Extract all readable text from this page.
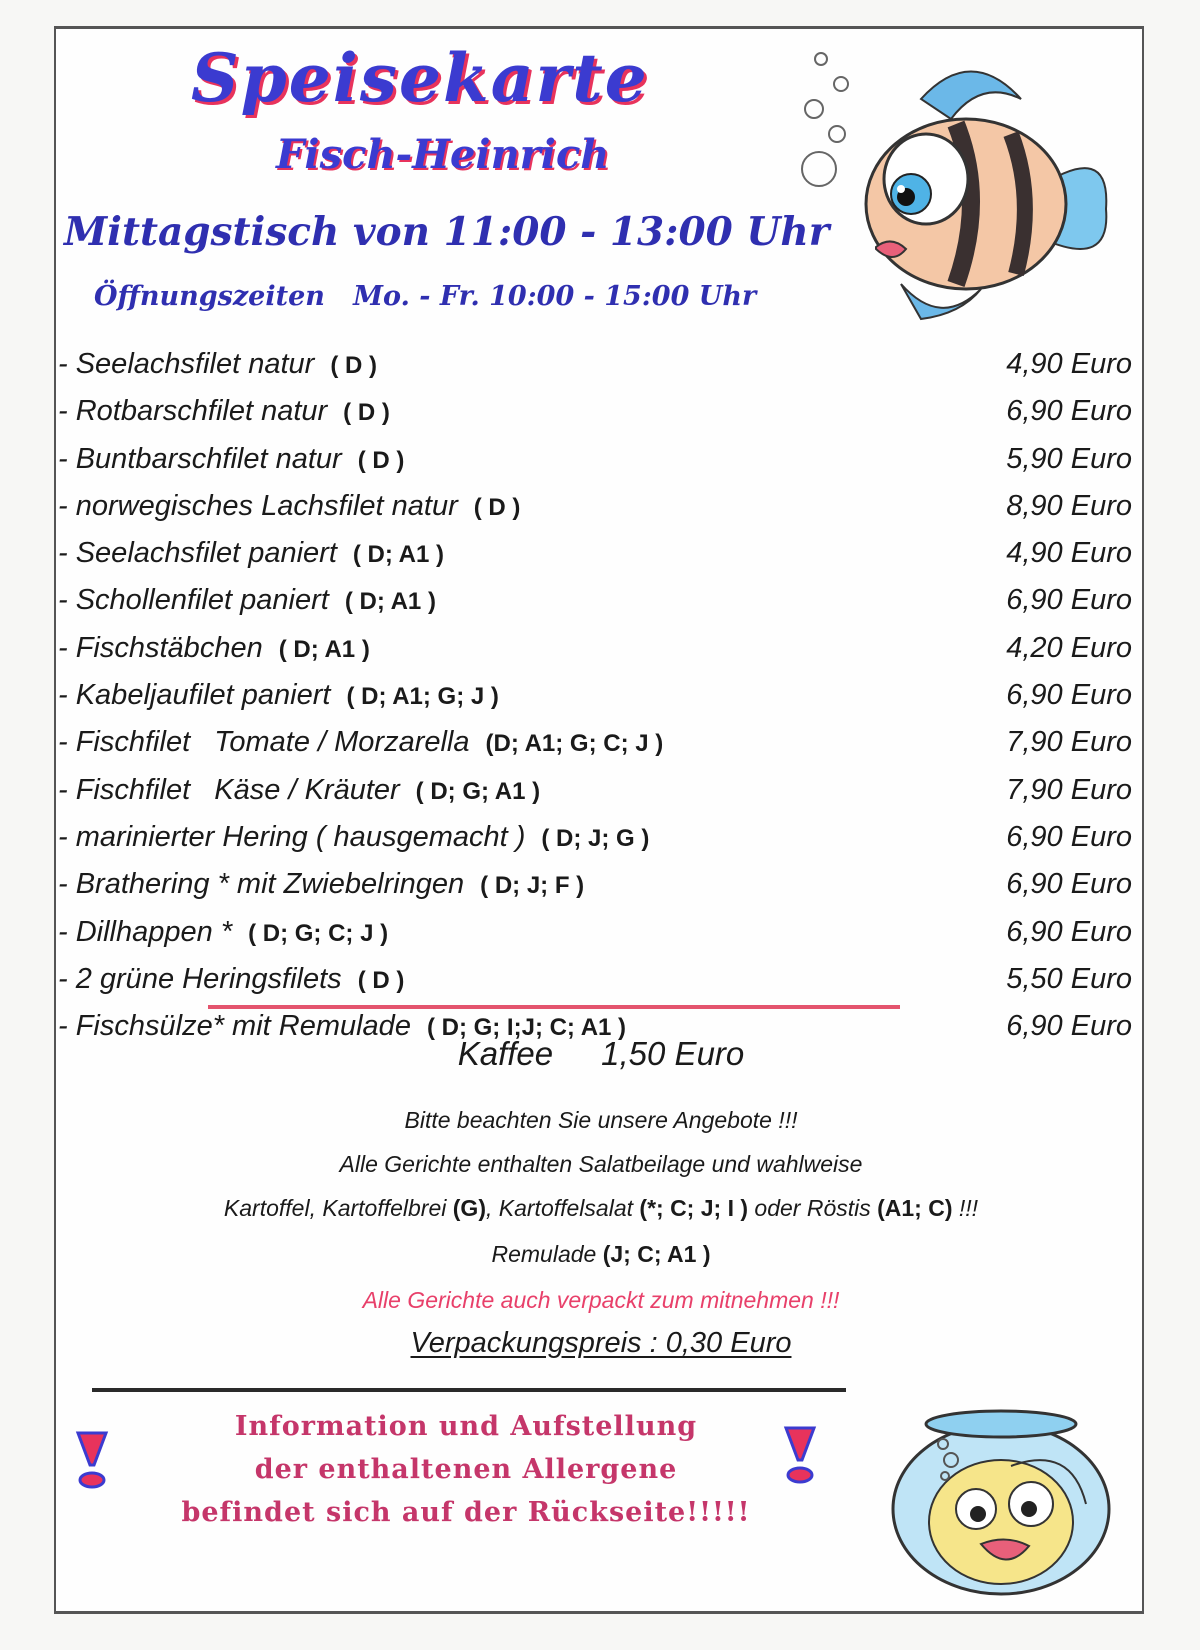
Speisekarte
Fisch-Heinrich

Mittagstisch von 11:00 - 13:00 Uhr

Öffnungszeiten   Mo. - Fr. 10:00 - 15:00 Uhr

- Seelachsfilet natur ( D )	4,90 Euro
- Rotbarschfilet natur ( D )	6,90 Euro
- Buntbarschfilet natur ( D )	5,90 Euro
- norwegisches Lachsfilet natur ( D )	8,90 Euro
- Seelachsfilet paniert ( D; A1 )	4,90 Euro
- Schollenfilet paniert ( D; A1 )	6,90 Euro
- Fischstäbchen ( D; A1 )	4,20 Euro
- Kabeljaufilet paniert ( D; A1; G; J )	6,90 Euro
- Fischfilet   Tomate / Morzarella (D; A1; G; C; J )	7,90 Euro
- Fischfilet   Käse / Kräuter ( D; G; A1 )	7,90 Euro
- marinierter Hering ( hausgemacht ) ( D; J; G )	6,90 Euro
- Brathering * mit Zwiebelringen ( D; J; F )	6,90 Euro
- Dillhappen * ( D; G; C; J )	6,90 Euro
- 2 grüne Heringsfilets ( D )	5,50 Euro
- Fischsülze* mit Remulade ( D; G; I;J; C; A1 )	6,90 Euro

Kaffee 1,50 Euro

Bitte beachten Sie unsere Angebote !!!

Alle Gerichte enthalten Salatbeilage und wahlweise

Kartoffel, Kartoffelbrei (G), Kartoffelsalat (*; C; J; I ) oder Röstis (A1; C) !!!

Remulade (J; C; A1 )

Alle Gerichte auch verpackt zum mitnehmen !!!

Verpackungspreis : 0,30 Euro

Information und Aufstellung

der enthaltenen Allergene

befindet sich auf der Rückseite!!!!!
